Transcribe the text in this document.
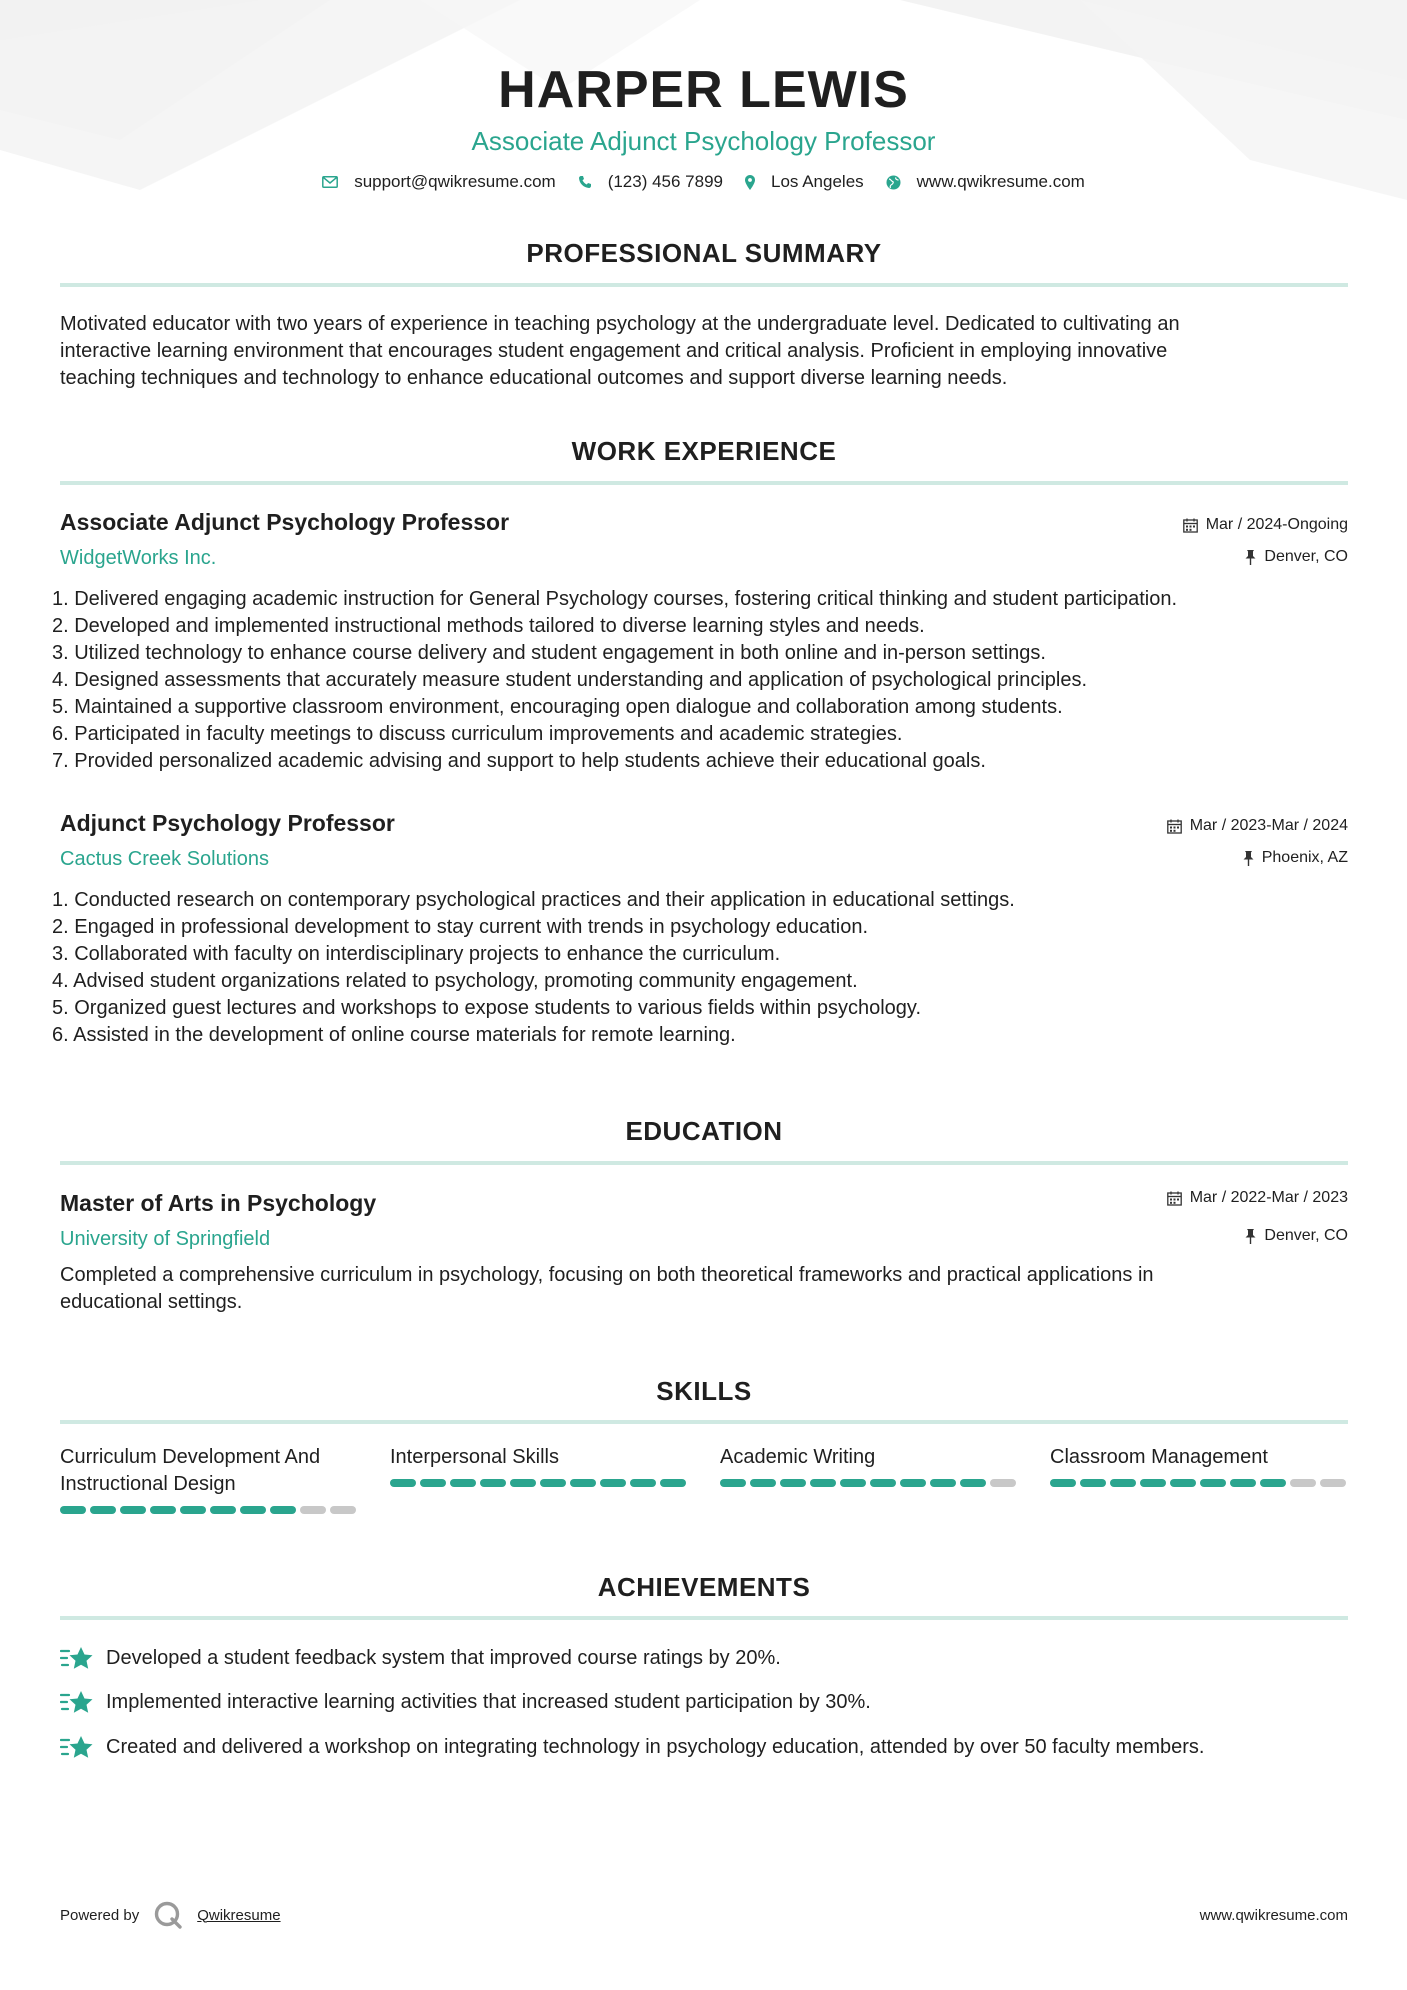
HARPER LEWIS
Associate Adjunct Psychology Professor
support@qwikresume.com	(123) 456 7899	Los Angeles	www.qwikresume.com
PROFESSIONAL SUMMARY
Motivated educator with two years of experience in teaching psychology at the undergraduate level. Dedicated to cultivating an
interactive learning environment that encourages student engagement and critical analysis. Proficient in employing innovative
teaching techniques and technology to enhance educational outcomes and support diverse learning needs.
WORK EXPERIENCE
Associate Adjunct Psychology Professor
WidgetWorks Inc.
Mar / 2024-Ongoing
Denver, CO
1. Delivered engaging academic instruction for General Psychology courses, fostering critical thinking and student participation.
2. Developed and implemented instructional methods tailored to diverse learning styles and needs.
3. Utilized technology to enhance course delivery and student engagement in both online and in-person settings.
4. Designed assessments that accurately measure student understanding and application of psychological principles.
5. Maintained a supportive classroom environment, encouraging open dialogue and collaboration among students.
6. Participated in faculty meetings to discuss curriculum improvements and academic strategies.
7. Provided personalized academic advising and support to help students achieve their educational goals.
Adjunct Psychology Professor
Cactus Creek Solutions
Mar / 2023-Mar / 2024
Phoenix, AZ
1. Conducted research on contemporary psychological practices and their application in educational settings.
2. Engaged in professional development to stay current with trends in psychology education.
3. Collaborated with faculty on interdisciplinary projects to enhance the curriculum.
4. Advised student organizations related to psychology, promoting community engagement.
5. Organized guest lectures and workshops to expose students to various fields within psychology.
6. Assisted in the development of online course materials for remote learning.
EDUCATION
Master of Arts in Psychology
University of Springfield
Mar / 2022-Mar / 2023
Denver, CO
Completed a comprehensive curriculum in psychology, focusing on both theoretical frameworks and practical applications in
educational settings.
SKILLS
Curriculum Development And Instructional Design
Interpersonal Skills	Academic Writing	Classroom Management
ACHIEVEMENTS
Developed a student feedback system that improved course ratings by 20%.
Implemented interactive learning activities that increased student participation by 30%.
Created and delivered a workshop on integrating technology in psychology education, attended by over 50 faculty members.
Powered by	Qwikresume	www.qwikresume.com
